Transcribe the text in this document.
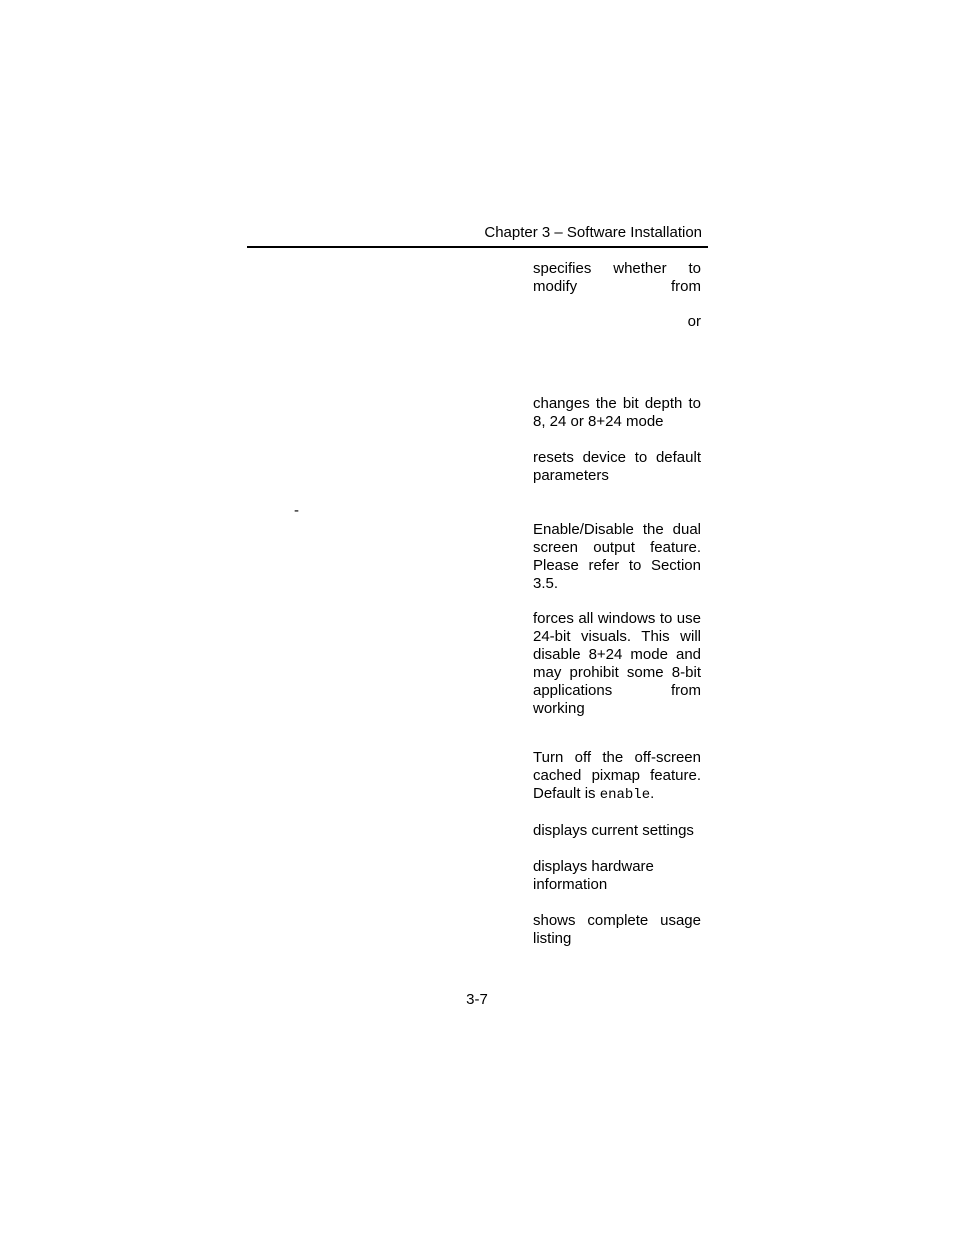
Chapter 3 – Software Installation
specifies whether to modify from
or
changes the bit depth to 8, 24 or 8+24 mode
resets device to default parameters
-
Enable/Disable the dual screen output feature. Please refer to Section 3.5.
forces all windows to use 24-bit visuals. This will disable 8+24 mode and may prohibit some 8-bit applications from working
Turn off the off-screen cached pixmap feature. Default is enable.
displays current settings
displays hardware information
shows complete usage listing
3-7
